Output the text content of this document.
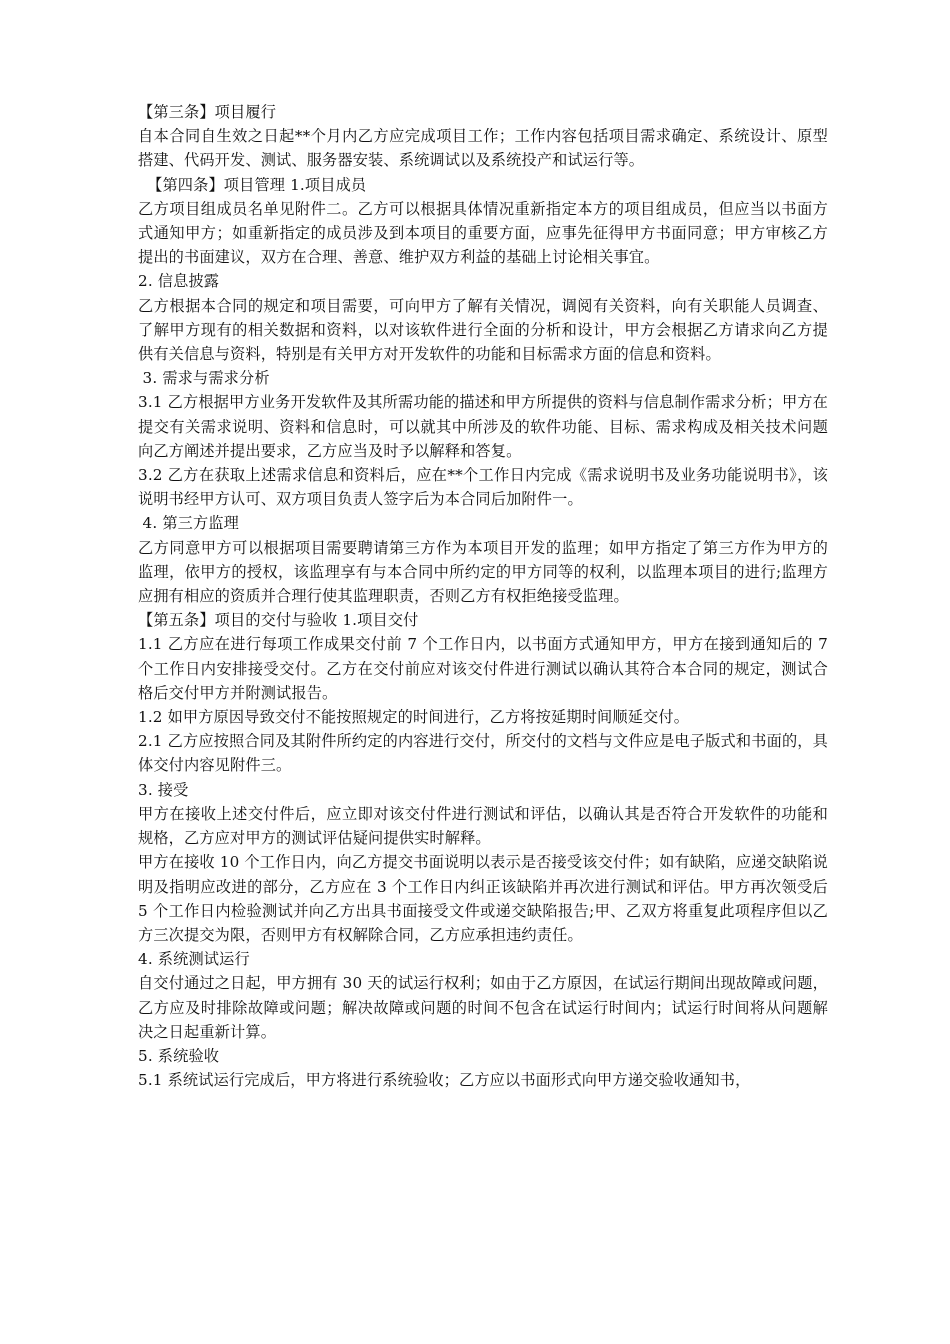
【第三条】项目履行

自本合同自生效之日起**个月内乙方应完成项目工作；工作内容包括项目需求确定、系统设计、原型搭建、代码开发、测试、服务器安装、系统调试以及系统投产和试运行等。

【第四条】项目管理 1.项目成员

乙方项目组成员名单见附件二。乙方可以根据具体情况重新指定本方的项目组成员，但应当以书面方式通知甲方；如重新指定的成员涉及到本项目的重要方面，应事先征得甲方书面同意；甲方审核乙方提出的书面建议，双方在合理、善意、维护双方利益的基础上讨论相关事宜。

2. 信息披露

乙方根据本合同的规定和项目需要，可向甲方了解有关情况，调阅有关资料，向有关职能人员调查、了解甲方现有的相关数据和资料，以对该软件进行全面的分析和设计，甲方会根据乙方请求向乙方提供有关信息与资料，特别是有关甲方对开发软件的功能和目标需求方面的信息和资料。

3. 需求与需求分析

3.1 乙方根据甲方业务开发软件及其所需功能的描述和甲方所提供的资料与信息制作需求分析；甲方在提交有关需求说明、资料和信息时，可以就其中所涉及的软件功能、目标、需求构成及相关技术问题向乙方阐述并提出要求，乙方应当及时予以解释和答复。

3.2 乙方在获取上述需求信息和资料后，应在**个工作日内完成《需求说明书及业务功能说明书》，该说明书经甲方认可、双方项目负责人签字后为本合同后加附件一。

4. 第三方监理

乙方同意甲方可以根据项目需要聘请第三方作为本项目开发的监理；如甲方指定了第三方作为甲方的监理，依甲方的授权，该监理享有与本合同中所约定的甲方同等的权利，以监理本项目的进行;监理方应拥有相应的资质并合理行使其监理职责，否则乙方有权拒绝接受监理。

【第五条】项目的交付与验收 1.项目交付

1.1 乙方应在进行每项工作成果交付前 7 个工作日内，以书面方式通知甲方，甲方在接到通知后的 7 个工作日内安排接受交付。乙方在交付前应对该交付件进行测试以确认其符合本合同的规定，测试合格后交付甲方并附测试报告。

1.2 如甲方原因导致交付不能按照规定的时间进行，乙方将按延期时间顺延交付。

2.1 乙方应按照合同及其附件所约定的内容进行交付，所交付的文档与文件应是电子版式和书面的，具体交付内容见附件三。

3. 接受

甲方在接收上述交付件后，应立即对该交付件进行测试和评估，以确认其是否符合开发软件的功能和规格，乙方应对甲方的测试评估疑问提供实时解释。

甲方在接收 10 个工作日内，向乙方提交书面说明以表示是否接受该交付件；如有缺陷，应递交缺陷说明及指明应改进的部分，乙方应在 3 个工作日内纠正该缺陷并再次进行测试和评估。甲方再次领受后 5 个工作日内检验测试并向乙方出具书面接受文件或递交缺陷报告;甲、乙双方将重复此项程序但以乙方三次提交为限，否则甲方有权解除合同，乙方应承担违约责任。

4. 系统测试运行

自交付通过之日起，甲方拥有 30 天的试运行权利；如由于乙方原因，在试运行期间出现故障或问题，乙方应及时排除故障或问题；解决故障或问题的时间不包含在试运行时间内；试运行时间将从问题解决之日起重新计算。

5. 系统验收

5.1 系统试运行完成后，甲方将进行系统验收；乙方应以书面形式向甲方递交验收通知书，
